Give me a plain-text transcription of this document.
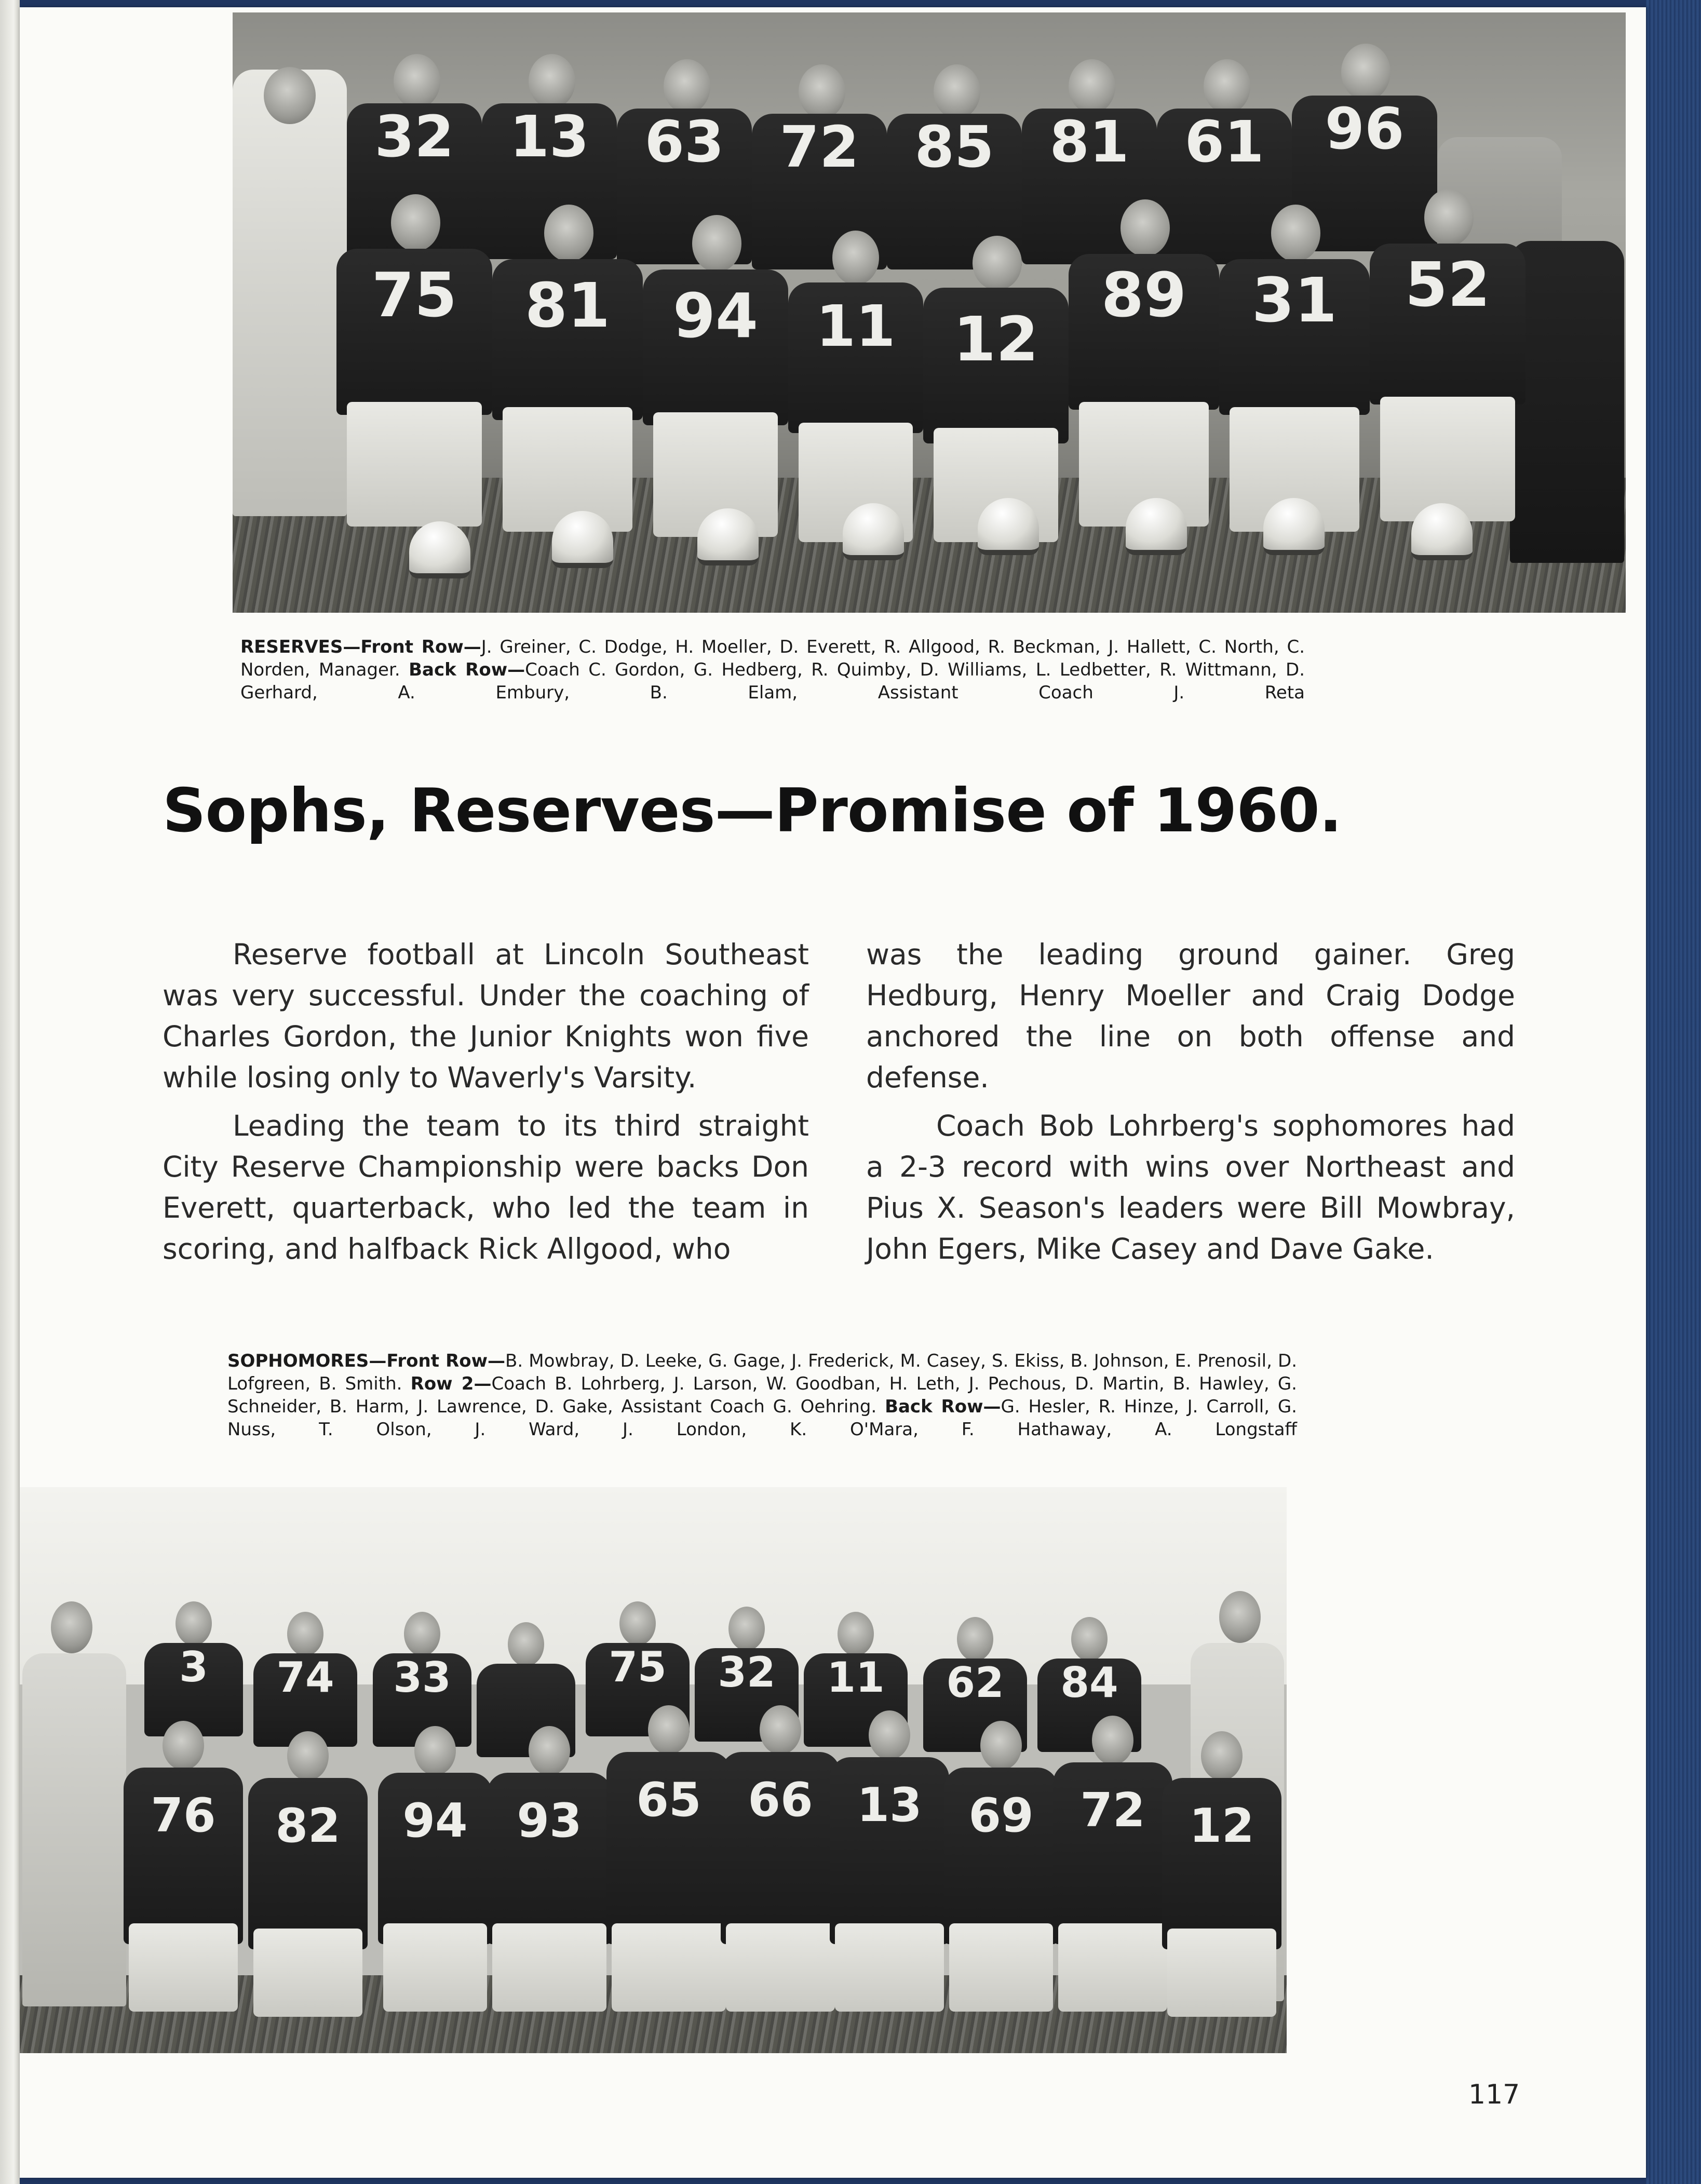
32 13 63 72 85 81 61 96
75 81 94 11 12
89 31 52
RESERVES—Front Row—J. Greiner, C. Dodge, H. Moeller, D. Everett, R. Allgood, R. Beckman, J. Hallett, C. North, C. Norden, Manager. Back Row—Coach C. Gordon, G. Hedberg, R. Quimby, D. Williams, L. Ledbetter, R. Wittmann, D. Gerhard, A. Embury, B. Elam, Assistant Coach J. Reta
Sophs, Reserves—Promise of 1960.

Reserve football at Lincoln Southeast was very successful. Under the coaching of Charles Gordon, the Junior Knights won five while losing only to Waverly's Varsity.

Leading the team to its third straight City Reserve Championship were backs Don Everett, quarterback, who led the team in scoring, and halfback Rick Allgood, who

was the leading ground gainer. Greg Hedburg, Henry Moeller and Craig Dodge anchored the line on both offense and defense.

Coach Bob Lohrberg's sophomores had a 2-3 record with wins over Northeast and Pius X. Season's leaders were Bill Mowbray, John Egers, Mike Casey and Dave Gake.

SOPHOMORES—Front Row—B. Mowbray, D. Leeke, G. Gage, J. Frederick, M. Casey, S. Ekiss, B. Johnson, E. Prenosil, D. Lofgreen, B. Smith. Row 2—Coach B. Lohrberg, J. Larson, W. Goodban, H. Leth, J. Pechous, D. Martin, B. Hawley, G. Schneider, B. Harm, J. Lawrence, D. Gake, Assistant Coach G. Oehring. Back Row—G. Hesler, R. Hinze, J. Carroll, G. Nuss, T. Olson, J. Ward, J. London, K. O'Mara, F. Hathaway, A. Longstaff
3 74 33	75 32 11 62 84
76 82 94 93 65 66 13 69 72 12
117
